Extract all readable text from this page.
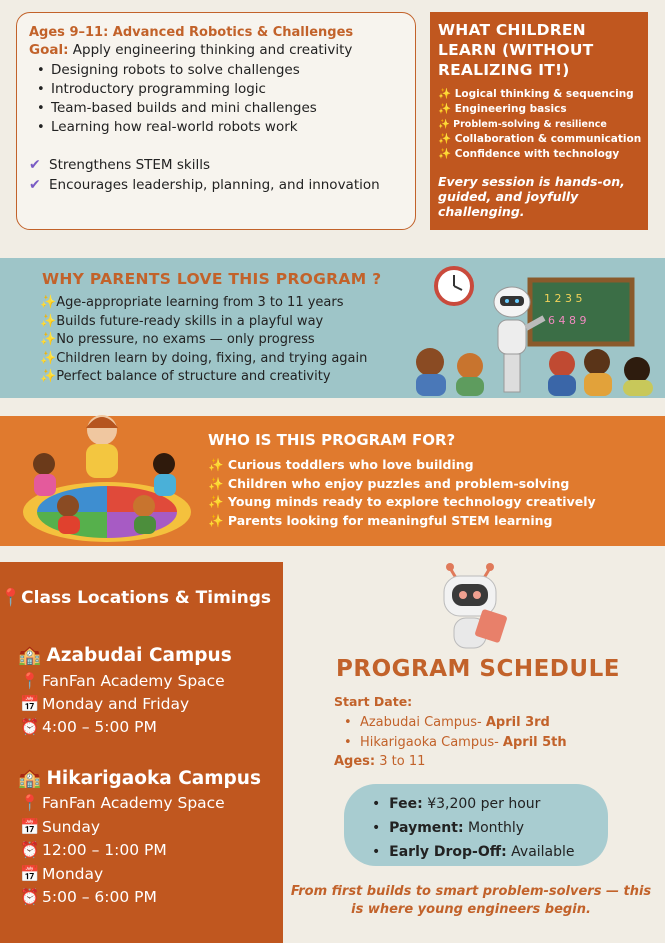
Ages 9–11: Advanced Robotics & Challenges
Goal: Apply engineering thinking and creativity
• Designing robots to solve challenges
• Introductory programming logic
• Team-based builds and mini challenges
• Learning how real-world robots work
✔ Strengthens STEM skills
✔ Encourages leadership, planning, and innovation
WHAT CHILDREN LEARN (WITHOUT REALIZING IT!)
✨ Logical thinking & sequencing
✨ Engineering basics
✨ Problem-solving & resilience
✨ Collaboration & communication
✨ Confidence with technology
Every session is hands-on, guided, and joyfully challenging.
WHY PARENTS LOVE THIS PROGRAM ?
✨Age-appropriate learning from 3 to 11 years
✨Builds future-ready skills in a playful way
✨No pressure, no exams — only progress
✨Children learn by doing, fixing, and trying again
✨Perfect balance of structure and creativity
1 2 3 5
6 4 8 9
WHO IS THIS PROGRAM FOR?
✨ Curious toddlers who love building
✨ Children who enjoy puzzles and problem-solving
✨ Young minds ready to explore technology creatively
✨ Parents looking for meaningful STEM learning
📍Class Locations & Timings
🏫 Azabudai Campus
📍 FanFan Academy Space
📅 Monday and Friday
⏰ 4:00 – 5:00 PM
🏫 Hikarigaoka Campus
📍 FanFan Academy Space
📅 Sunday
⏰ 12:00 – 1:00 PM
📅 Monday
⏰ 5:00 – 6:00 PM
PROGRAM SCHEDULE
Start Date:
•  Azabudai Campus- April 3rd
•  Hikarigaoka Campus- April 5th
Ages: 3 to 11
•  Fee: ¥3,200 per hour
•  Payment: Monthly
•  Early Drop-Off: Available
From first builds to smart problem-solvers — this is where young engineers begin.
